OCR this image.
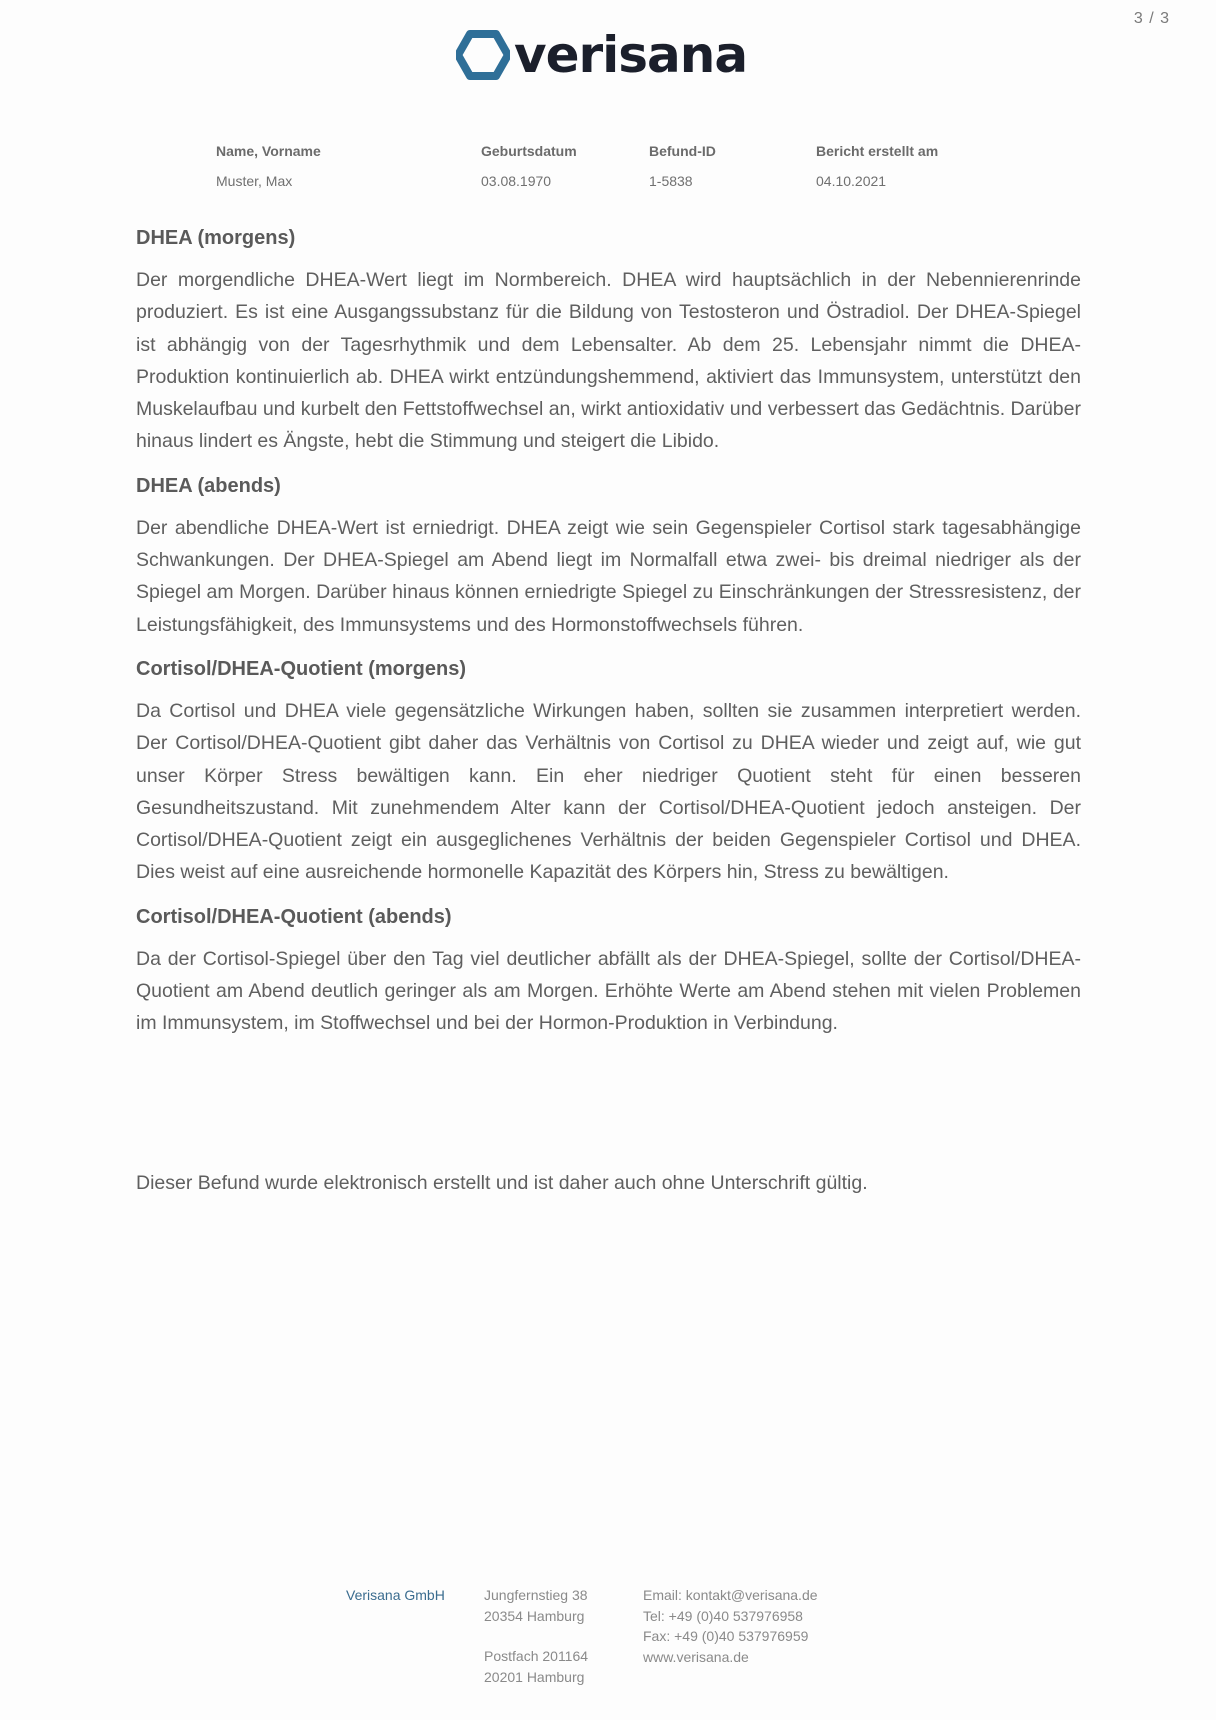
3 / 3
verisana
Name, Vorname
Muster, Max
Geburtsdatum
03.08.1970
Befund-ID
1-5838
Bericht erstellt am
04.10.2021
DHEA (morgens)

Der morgendliche DHEA-Wert liegt im Normbereich. DHEA wird hauptsächlich in der Nebennierenrinde produziert. Es ist eine Ausgangssubstanz für die Bildung von Testosteron und Östradiol. Der DHEA-Spiegel ist abhängig von der Tagesrhythmik und dem Lebensalter. Ab dem 25. Lebensjahr nimmt die DHEA-Produktion kontinuierlich ab. DHEA wirkt entzündungshemmend, aktiviert das Immunsystem, unterstützt den Muskelaufbau und kurbelt den Fettstoffwechsel an, wirkt antioxidativ und verbessert das Gedächtnis. Darüber hinaus lindert es Ängste, hebt die Stimmung und steigert die Libido.

DHEA (abends)

Der abendliche DHEA-Wert ist erniedrigt. DHEA zeigt wie sein Gegenspieler Cortisol stark tagesabhängige Schwankungen. Der DHEA-Spiegel am Abend liegt im Normalfall etwa zwei- bis dreimal niedriger als der Spiegel am Morgen. Darüber hinaus können erniedrigte Spiegel zu Einschränkungen der Stressresistenz, der Leistungsfähigkeit, des Immunsystems und des Hormonstoffwechsels führen.

Cortisol/DHEA-Quotient (morgens)

Da Cortisol und DHEA viele gegensätzliche Wirkungen haben, sollten sie zusammen interpretiert werden. Der Cortisol/DHEA-Quotient gibt daher das Verhältnis von Cortisol zu DHEA wieder und zeigt auf, wie gut unser Körper Stress bewältigen kann. Ein eher niedriger Quotient steht für einen besseren Gesundheitszustand. Mit zunehmendem Alter kann der Cortisol/DHEA-Quotient jedoch ansteigen. Der Cortisol/DHEA-Quotient zeigt ein ausgeglichenes Verhältnis der beiden Gegenspieler Cortisol und DHEA. Dies weist auf eine ausreichende hormonelle Kapazität des Körpers hin, Stress zu bewältigen.

Cortisol/DHEA-Quotient (abends)

Da der Cortisol-Spiegel über den Tag viel deutlicher abfällt als der DHEA-Spiegel, sollte der Cortisol/DHEA-Quotient am Abend deutlich geringer als am Morgen. Erhöhte Werte am Abend stehen mit vielen Problemen im Immunsystem, im Stoffwechsel und bei der Hormon-Produktion in Verbindung.

Dieser Befund wurde elektronisch erstellt und ist daher auch ohne Unterschrift gültig.
Verisana GmbH	Jungfernstieg 38
20354 Hamburg
Postfach 201164
20201 Hamburg
Email: kontakt@verisana.de
Tel: +49 (0)40 537976958
Fax: +49 (0)40 537976959
www.verisana.de
